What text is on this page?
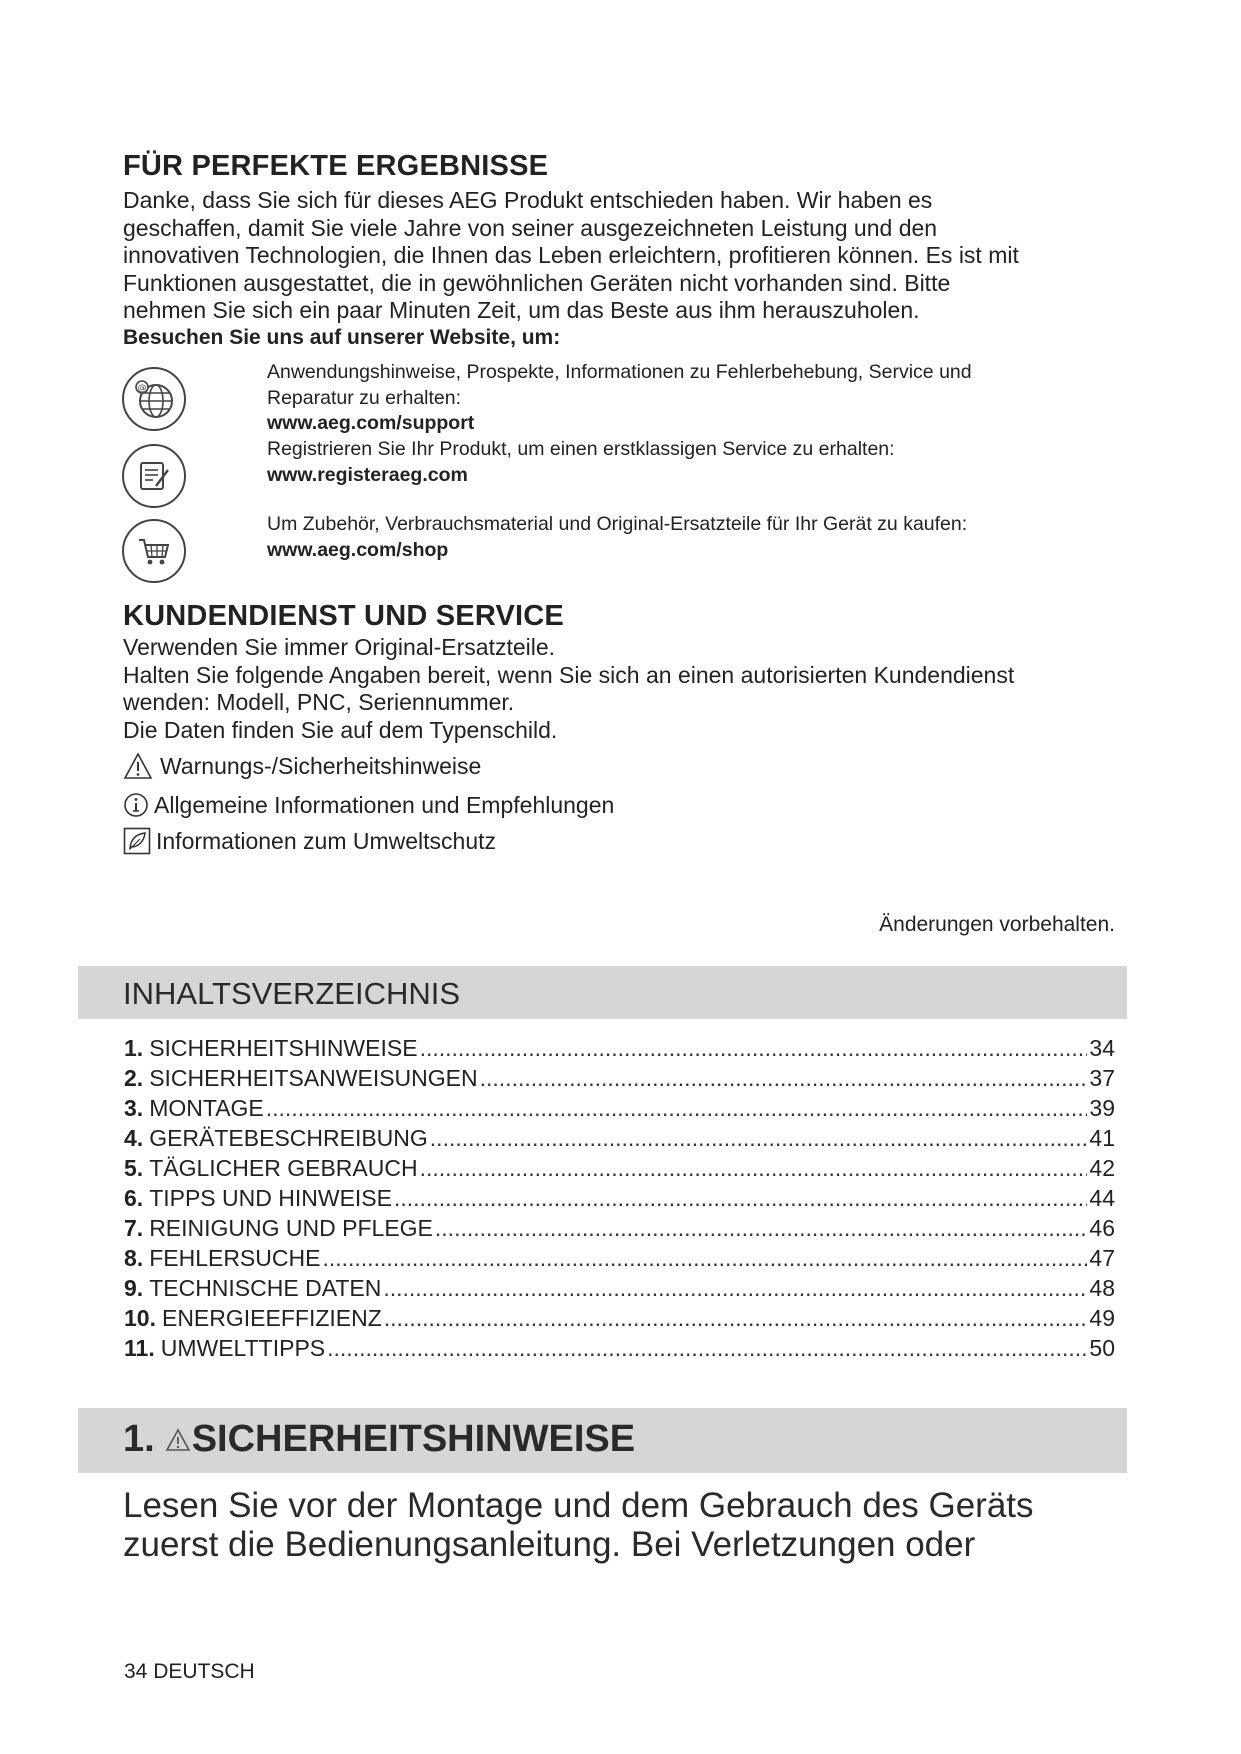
FÜR PERFEKTE ERGEBNISSE
Danke, dass Sie sich für dieses AEG Produkt entschieden haben. Wir haben es
geschaffen, damit Sie viele Jahre von seiner ausgezeichneten Leistung und den
innovativen Technologien, die Ihnen das Leben erleichtern, profitieren können. Es ist mit
Funktionen ausgestattet, die in gewöhnlichen Geräten nicht vorhanden sind. Bitte
nehmen Sie sich ein paar Minuten Zeit, um das Beste aus ihm herauszuholen.
Besuchen Sie uns auf unserer Website, um:
@
Anwendungshinweise, Prospekte, Informationen zu Fehlerbehebung, Service und
Reparatur zu erhalten:
www.aeg.com/support
Registrieren Sie Ihr Produkt, um einen erstklassigen Service zu erhalten:
www.registeraeg.com
Um Zubehör, Verbrauchsmaterial und Original-Ersatzteile für Ihr Gerät zu kaufen:
www.aeg.com/shop
KUNDENDIENST UND SERVICE
Verwenden Sie immer Original-Ersatzteile.
Halten Sie folgende Angaben bereit, wenn Sie sich an einen autorisierten Kundendienst
wenden: Modell, PNC, Seriennummer.
Die Daten finden Sie auf dem Typenschild.
Warnungs-/Sicherheitshinweise
Allgemeine Informationen und Empfehlungen
Informationen zum Umweltschutz
Änderungen vorbehalten.
INHALTSVERZEICHNIS
1. SICHERHEITSHINWEISE .....	34
2. SICHERHEITSANWEISUNGEN .....	37
3. MONTAGE .....	39
4. GERÄTEBESCHREIBUNG .....	41
5. TÄGLICHER GEBRAUCH .....	42
6. TIPPS UND HINWEISE .....	44
7. REINIGUNG UND PFLEGE .....	46
8. FEHLERSUCHE .....	47
9. TECHNISCHE DATEN .....	48
10. ENERGIEEFFIZIENZ .....	49
11. UMWELTTIPPS .....	50
1. SICHERHEITSHINWEISE
Lesen Sie vor der Montage und dem Gebrauch des Geräts
zuerst die Bedienungsanleitung. Bei Verletzungen oder
34 DEUTSCH
